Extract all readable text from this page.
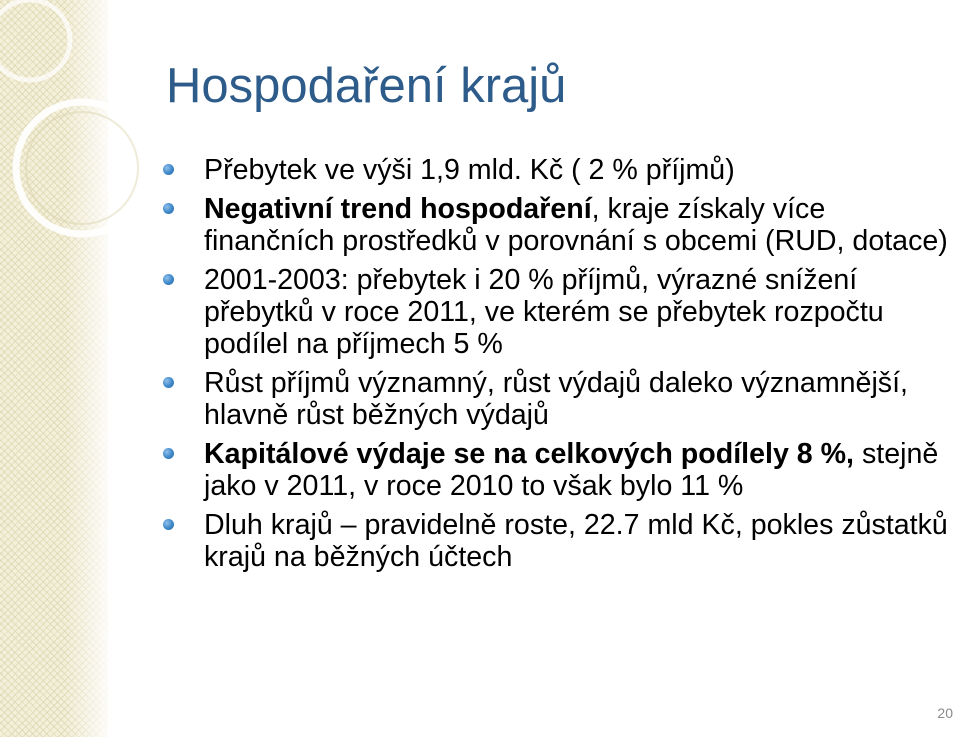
Hospodaření krajů
Přebytek ve výši 1,9 mld. Kč ( 2 % příjmů)
Negativní trend hospodaření, kraje získaly více finančních prostředků v porovnání s obcemi (RUD, dotace)
2001-2003: přebytek i 20 % příjmů, výrazné snížení přebytků v roce 2011, ve kterém se přebytek rozpočtu podílel na příjmech 5 %
Růst příjmů významný, růst výdajů daleko významnější, hlavně růst běžných výdajů
Kapitálové výdaje se na celkových podílely 8 %, stejně jako v 2011, v roce 2010 to však bylo 11 %
Dluh krajů – pravidelně roste, 22.7 mld Kč, pokles zůstatků krajů na běžných účtech
20
